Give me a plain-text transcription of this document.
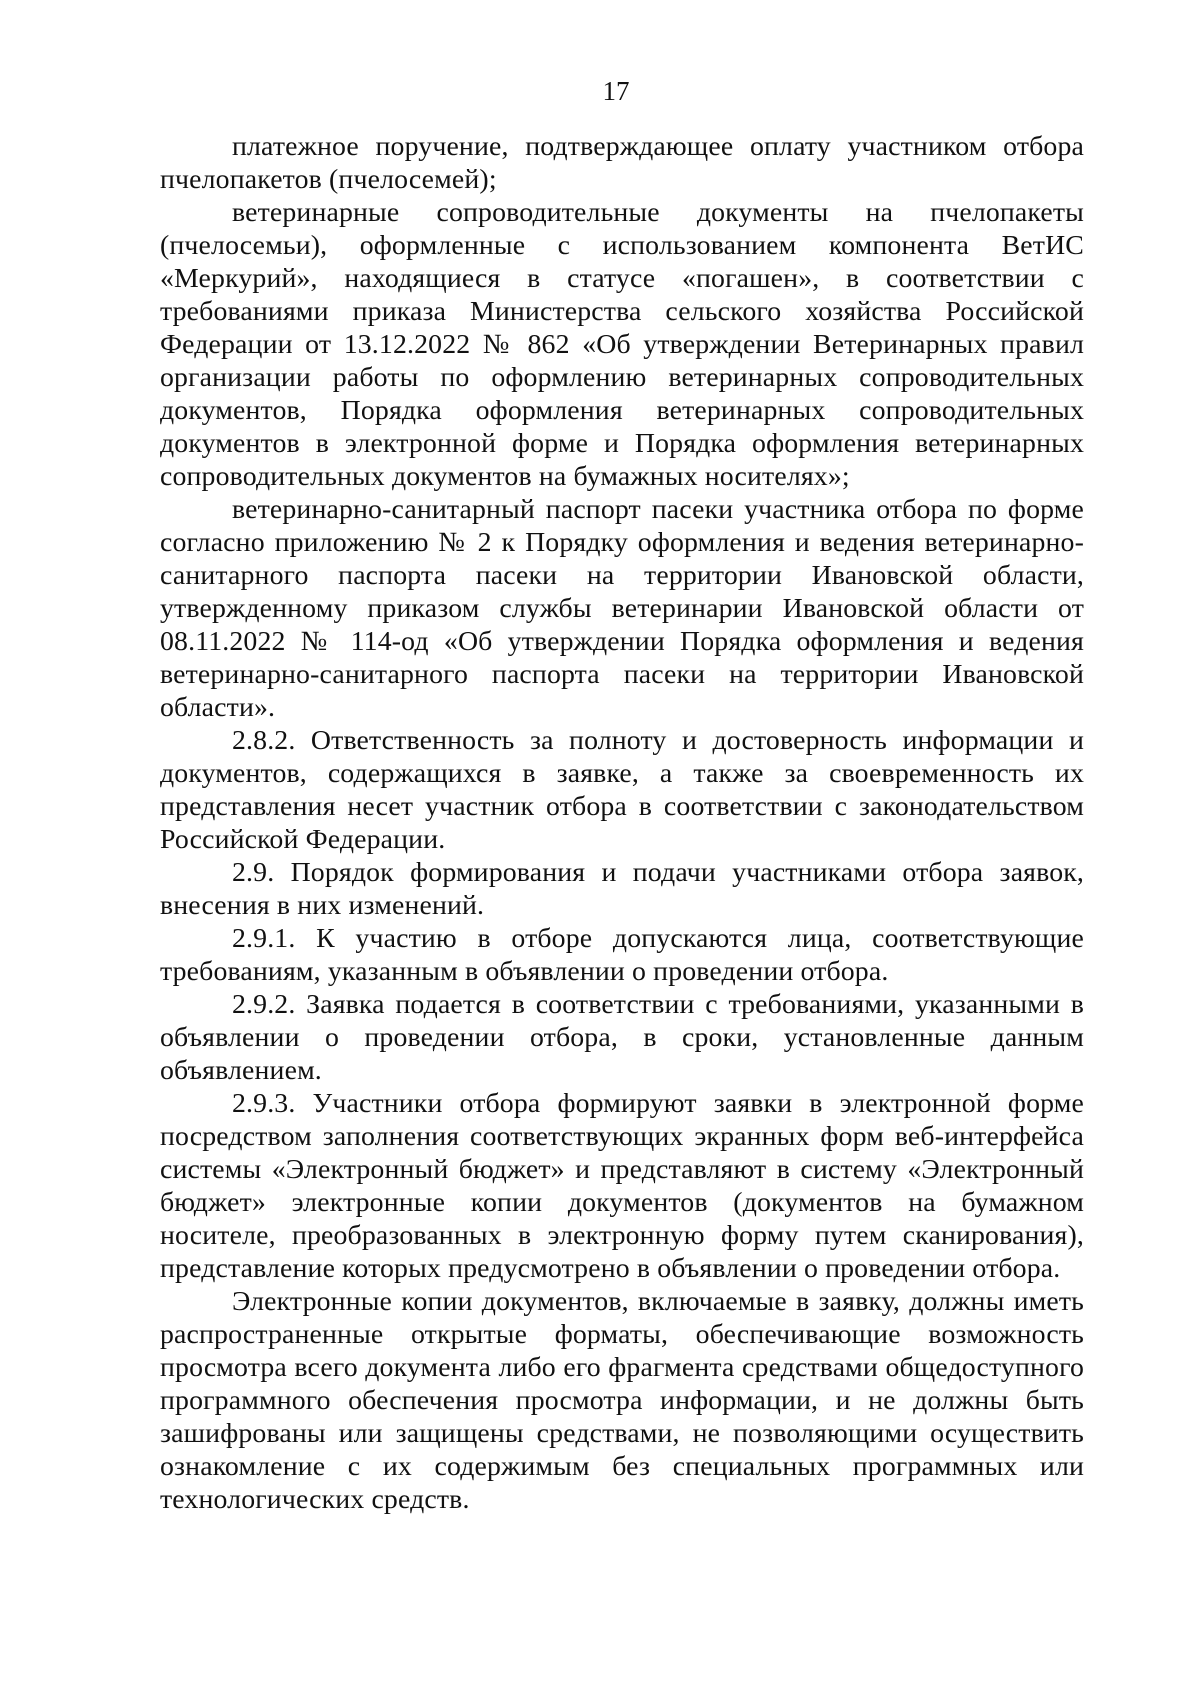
17

платежное поручение, подтверждающее оплату участником отбора пчелопакетов (пчелосемей);

ветеринарные сопроводительные документы на пчелопакеты (пчелосемьи), оформленные с использованием компонента ВетИС «Меркурий», находящиеся в статусе «погашен», в соответствии с требованиями приказа Министерства сельского хозяйства Российской Федерации от 13.12.2022 № 862 «Об утверждении Ветеринарных правил организации работы по оформлению ветеринарных сопроводительных документов, Порядка оформления ветеринарных сопроводительных документов в электронной форме и Порядка оформления ветеринарных сопроводительных документов на бумажных носителях»;

ветеринарно-санитарный паспорт пасеки участника отбора по форме согласно приложению № 2 к Порядку оформления и ведения ветеринарно-санитарного паспорта пасеки на территории Ивановской области, утвержденному приказом службы ветеринарии Ивановской области от 08.11.2022 № 114-од «Об утверждении Порядка оформления и ведения ветеринарно-санитарного паспорта пасеки на территории Ивановской области».

2.8.2. Ответственность за полноту и достоверность информации и документов, содержащихся в заявке, а также за своевременность их представления несет участник отбора в соответствии с законодательством Российской Федерации.

2.9. Порядок формирования и подачи участниками отбора заявок, внесения в них изменений.

2.9.1. К участию в отборе допускаются лица, соответствующие требованиям, указанным в объявлении о проведении отбора.

2.9.2. Заявка подается в соответствии с требованиями, указанными в объявлении о проведении отбора, в сроки, установленные данным объявлением.

2.9.3. Участники отбора формируют заявки в электронной форме посредством заполнения соответствующих экранных форм веб-интерфейса системы «Электронный бюджет» и представляют в систему «Электронный бюджет» электронные копии документов (документов на бумажном носителе, преобразованных в электронную форму путем сканирования), представление которых предусмотрено в объявлении о проведении отбора.

Электронные копии документов, включаемые в заявку, должны иметь распространенные открытые форматы, обеспечивающие возможность просмотра всего документа либо его фрагмента средствами общедоступного программного обеспечения просмотра информации, и не должны быть зашифрованы или защищены средствами, не позволяющими осуществить ознакомление с их содержимым без специальных программных или технологических средств.
